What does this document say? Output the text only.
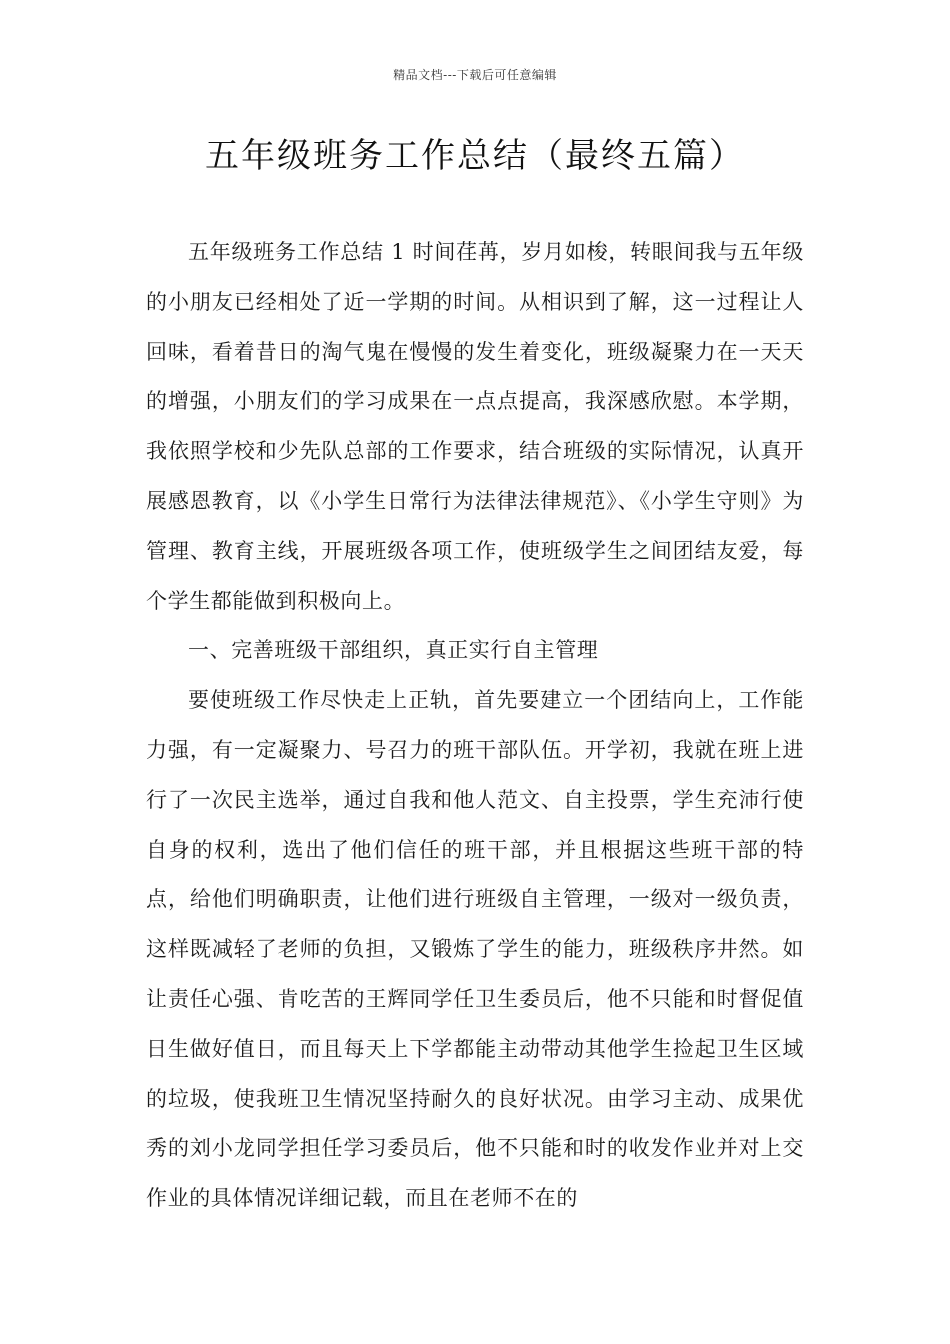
精品文档---下载后可任意编辑
五年级班务工作总结（最终五篇）

五年级班务工作总结 1 时间荏苒，岁月如梭，转眼间我与五年级的小朋友已经相处了近一学期的时间。从相识到了解，这一过程让人回味，看着昔日的淘气鬼在慢慢的发生着变化，班级凝聚力在一天天的增强，小朋友们的学习成果在一点点提高，我深感欣慰。本学期，我依照学校和少先队总部的工作要求，结合班级的实际情况，认真开展感恩教育，以《小学生日常行为法律法律规范》、《小学生守则》为管理、教育主线，开展班级各项工作，使班级学生之间团结友爱，每个学生都能做到积极向上。

一、完善班级干部组织，真正实行自主管理

要使班级工作尽快走上正轨，首先要建立一个团结向上，工作能力强，有一定凝聚力、号召力的班干部队伍。开学初，我就在班上进行了一次民主选举，通过自我和他人范文、自主投票，学生充沛行使自身的权利，选出了他们信任的班干部，并且根据这些班干部的特点，给他们明确职责，让他们进行班级自主管理，一级对一级负责，这样既减轻了老师的负担，又锻炼了学生的能力，班级秩序井然。如让责任心强、肯吃苦的王辉同学任卫生委员后，他不只能和时督促值日生做好值日，而且每天上下学都能主动带动其他学生捡起卫生区域的垃圾，使我班卫生情况坚持耐久的良好状况。由学习主动、成果优秀的刘小龙同学担任学习委员后，他不只能和时的收发作业并对上交作业的具体情况详细记载，而且在老师不在的
